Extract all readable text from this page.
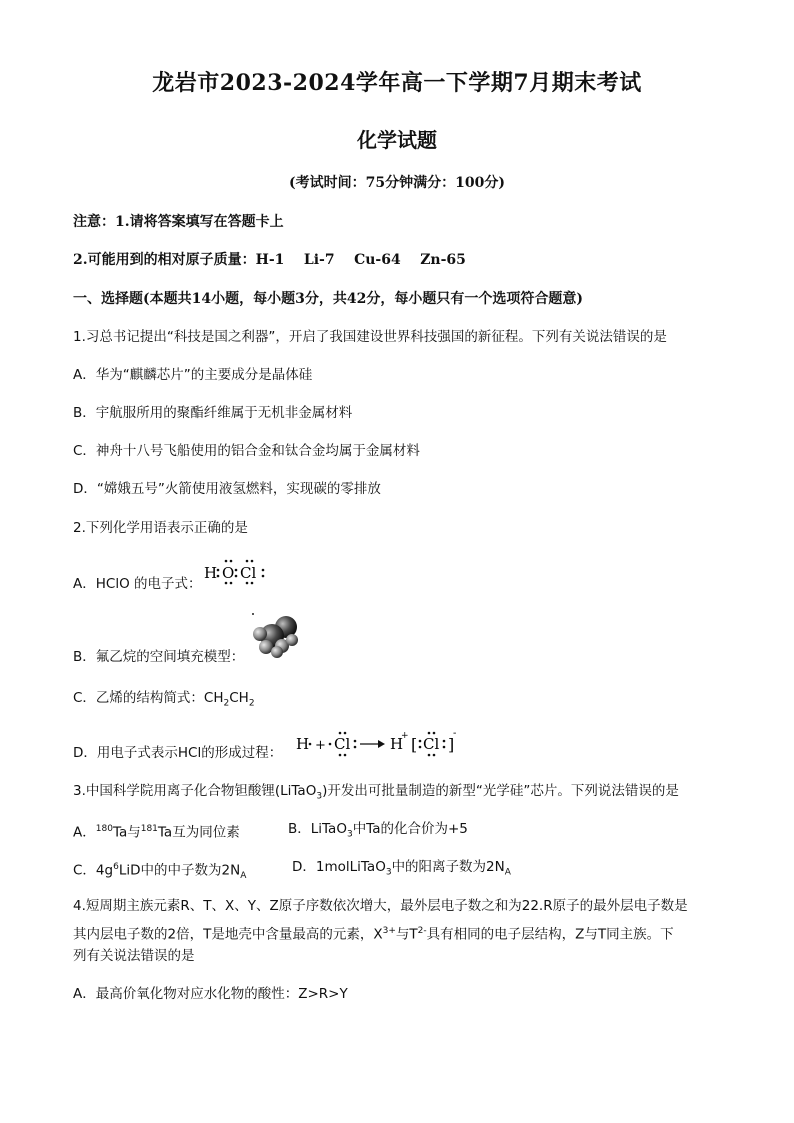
龙岩市2023-2024学年高一下学期7月期末考试
化学试题
(考试时间：75分钟满分：100分)
注意：1.请将答案填写在答题卡上
2.可能用到的相对原子质量：H-1    Li-7    Cu-64    Zn-65
一、选择题(本题共14小题，每小题3分，共42分，每小题只有一个选项符合题意)
1.习总书记提出“科技是国之利器”，开启了我国建设世界科技强国的新征程。下列有关说法错误的是
A．华为“麒麟芯片”的主要成分是晶体硅
B．宇航服所用的聚酯纤维属于无机非金属材料
C．神舟十八号飞船使用的铝合金和钛合金均属于金属材料
D．“嫦娥五号”火箭使用液氢燃料，实现碳的零排放
2.下列化学用语表示正确的是
A．HClO 的电子式：
H O Cl
B．氟乙烷的空间填充模型：
C．乙烯的结构简式：$CH_2CH_2$
D．用电子式表示HCl的形成过程： H + Cl	H
+ [ Cl ]
-
3.中国科学院用离子化合物钽酸锂(LiTaO$_3$)开发出可批量制造的新型“光学硅”芯片。下列说法错误的是
A．$^{180}$Ta与$^{181}$Ta互为同位素	B．LiTaO$_3$中Ta的化合价为+5
C．$4g^6LiD$中的中子数为$2N_A$
D．1molLiTaO$_3$中的阳离子数为$2N_A$
4.短周期主族元素R、T、X、Y、Z原子序数依次增大，最外层电子数之和为22.R原子的最外层电子数是
其内层电子数的2倍，T是地壳中含量最高的元素，$X^{3+}$与$T^{2-}$具有相同的电子层结构，Z与T同主族。下
列有关说法错误的是
A．最高价氧化物对应水化物的酸性：Z>R>Y
